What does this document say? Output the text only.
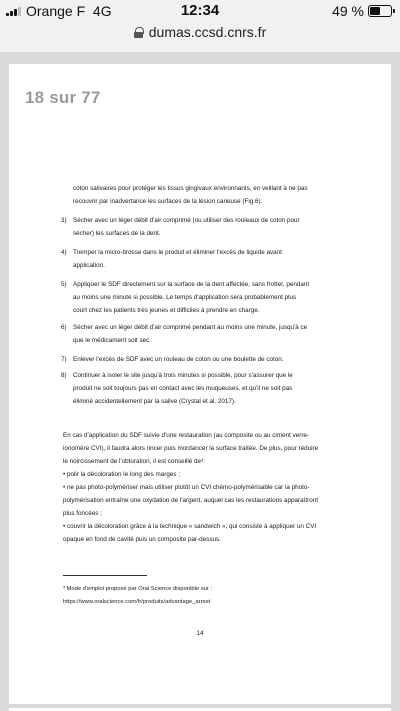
Orange F 4G	12:34	49 %
dumas.ccsd.cnrs.fr
18 sur 77

coton salivaires pour protéger les tissus gingivaux environnants, en veillant à ne pas

recouvrir par inadvertance les surfaces de la lésion carieuse (Fig.6).

3) Sécher avec un léger débit d'air comprimé (ou utiliser des rouleaux de coton pour

sécher) les surfaces de la dent.

4) Tremper la micro-brosse dans le produit et éliminer l'excès de liquide avant

application.

5) Appliquer le SDF directement sur la surface de la dent affectée, sans frotter, pendant

au moins une minute si possible. Le temps d'application sera probablement plus

court chez les patients très jeunes et difficiles à prendre en charge.

6) Sécher avec un léger débit d'air comprimé pendant au moins une minute, jusqu'à ce

que le médicament soit sec.

7) Enlever l'excès de SDF avec un rouleau de coton ou une boulette de coton.

8) Continuer à isoler le site jusqu'à trois minutes si possible, pour s'assurer que le

produit ne soit toujours pas en contact avec les muqueuses, et qu'il ne soit pas

éliminé accidentellement par la salive (Crystal et al. 2017).

En cas d'application du SDF suivie d'une restauration (au composite ou au ciment verre-

ionomère CVI), il faudra alors rincer puis mordancer la surface traitée. De plus, pour réduire

le noircissement de l'obturation, il est conseillé de³:

• polir la décoloration le long des marges ;

• ne pas photo-polymériser mais utiliser plutôt un CVI chémo-polymérisable car la photo-

polymérisation entraîne une oxydation de l'argent, auquel cas les restaurations apparaîtront

plus foncées ;

• couvrir la décoloration grâce à la technique « sandwich », qui consiste à appliquer un CVI

opaque en fond de cavité puis un composite par-dessus.

³ Mode d'emploi proposé par Oral Science disponible sur :

https://www.oralscience.com/fr/produits/advantage_arrest

14
